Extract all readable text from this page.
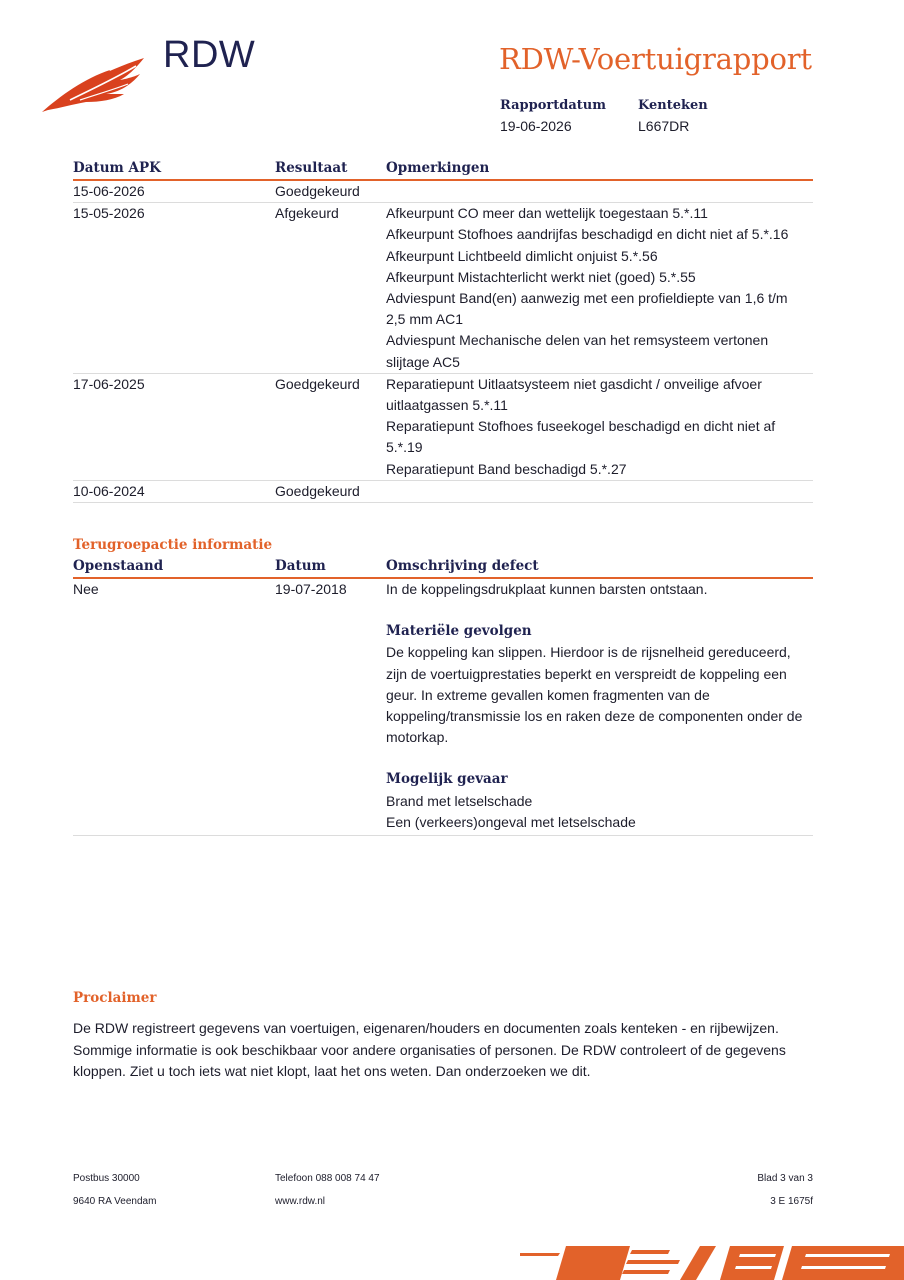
RDW	RDW-Voertuigrapport
Rapportdatum
19-06-2026
Kenteken
L667DR
Datum APK	Resultaat	Opmerkingen
15-06-2026	Goedgekeurd
15-05-2026	Afgekeurd	Afkeurpunt CO meer dan wettelijk toegestaan 5.*.11
Afkeurpunt Stofhoes aandrijfas beschadigd en dicht niet af 5.*.16
Afkeurpunt Lichtbeeld dimlicht onjuist 5.*.56
Afkeurpunt Mistachterlicht werkt niet (goed) 5.*.55
Adviespunt Band(en) aanwezig met een profieldiepte van 1,6 t/m
2,5 mm AC1
Adviespunt Mechanische delen van het remsysteem vertonen
slijtage AC5
17-06-2025	Goedgekeurd	Reparatiepunt Uitlaatsysteem niet gasdicht / onveilige afvoer
uitlaatgassen 5.*.11
Reparatiepunt Stofhoes fuseekogel beschadigd en dicht niet af
5.*.19
Reparatiepunt Band beschadigd 5.*.27
10-06-2024	Goedgekeurd
Terugroepactie informatie
Openstaand	Datum	Omschrijving defect
Nee	19-07-2018	In de koppelingsdrukplaat kunnen barsten ontstaan.
Materiële gevolgen
De koppeling kan slippen. Hierdoor is de rijsnelheid gereduceerd,
zijn de voertuigprestaties beperkt en verspreidt de koppeling een
geur. In extreme gevallen komen fragmenten van de
koppeling/transmissie los en raken deze de componenten onder de
motorkap.
Mogelijk gevaar
Brand met letselschade
Een (verkeers)ongeval met letselschade
Proclaimer
De RDW registreert gegevens van voertuigen, eigenaren/houders en documenten zoals kenteken - en rijbewijzen.
Sommige informatie is ook beschikbaar voor andere organisaties of personen. De RDW controleert of de gegevens
kloppen. Ziet u toch iets wat niet klopt, laat het ons weten. Dan onderzoeken we dit.
Postbus 30000
9640 RA Veendam
Telefoon 088 008 74 47
www.rdw.nl
Blad 3 van 3
3 E 1675f
